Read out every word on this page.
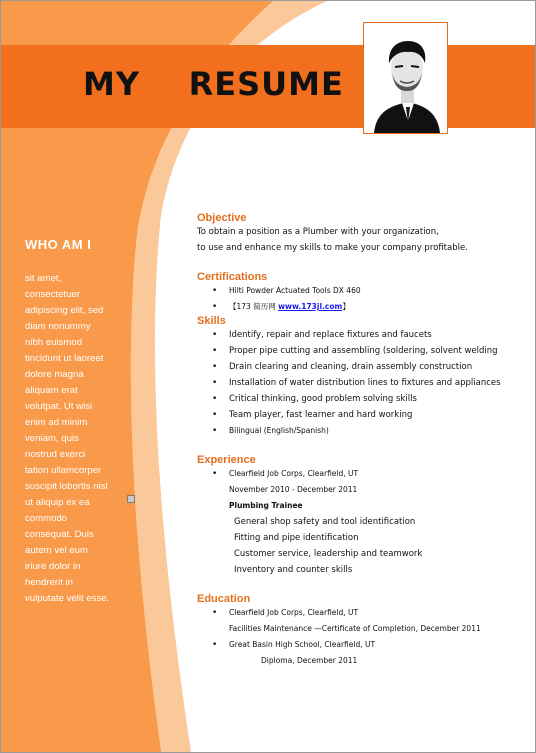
MY RESUME
WHO AM I
sit amet,
consectetuer
adipiscing elit, sed
diam nonummy
nibh euismod
tincidunt ut laoreet
dolore magna
aliquam erat
volutpat. Ut wisi
enim ad minim
veniam, quis
nostrud exerci
tation ullamcorper
suscipit lobortis nisl
ut aliquip ex ea
commodo
consequat. Duis
autem vel eum
iriure dolor in
hendrerit in
vulputate velit esse.
Objective
To obtain a position as a Plumber with your organization,
to use and enhance my skills to make your company profitable.
Certifications
• Hilti Powder Actuated Tools DX 460
• 【173 简历网 www.173jl.com】
Skills
• Identify, repair and replace fixtures and faucets
• Proper pipe cutting and assembling (soldering, solvent welding
• Drain clearing and cleaning, drain assembly construction
• Installation of water distribution lines to fixtures and appliances
• Critical thinking, good problem solving skills
• Team player, fast learner and hard working
• Bilingual (English/Spanish)
Experience
• Clearfield Job Corps, Clearfield, UT
November 2010 - December 2011
Plumbing Trainee
General shop safety and tool identification
Fitting and pipe identification
Customer service, leadership and teamwork
Inventory and counter skills
Education
• Clearfield Job Corps, Clearfield, UT
Facilities Maintenance —Certificate of Completion, December 2011
• Great Basin High School, Clearfield, UT
Diploma, December 2011
